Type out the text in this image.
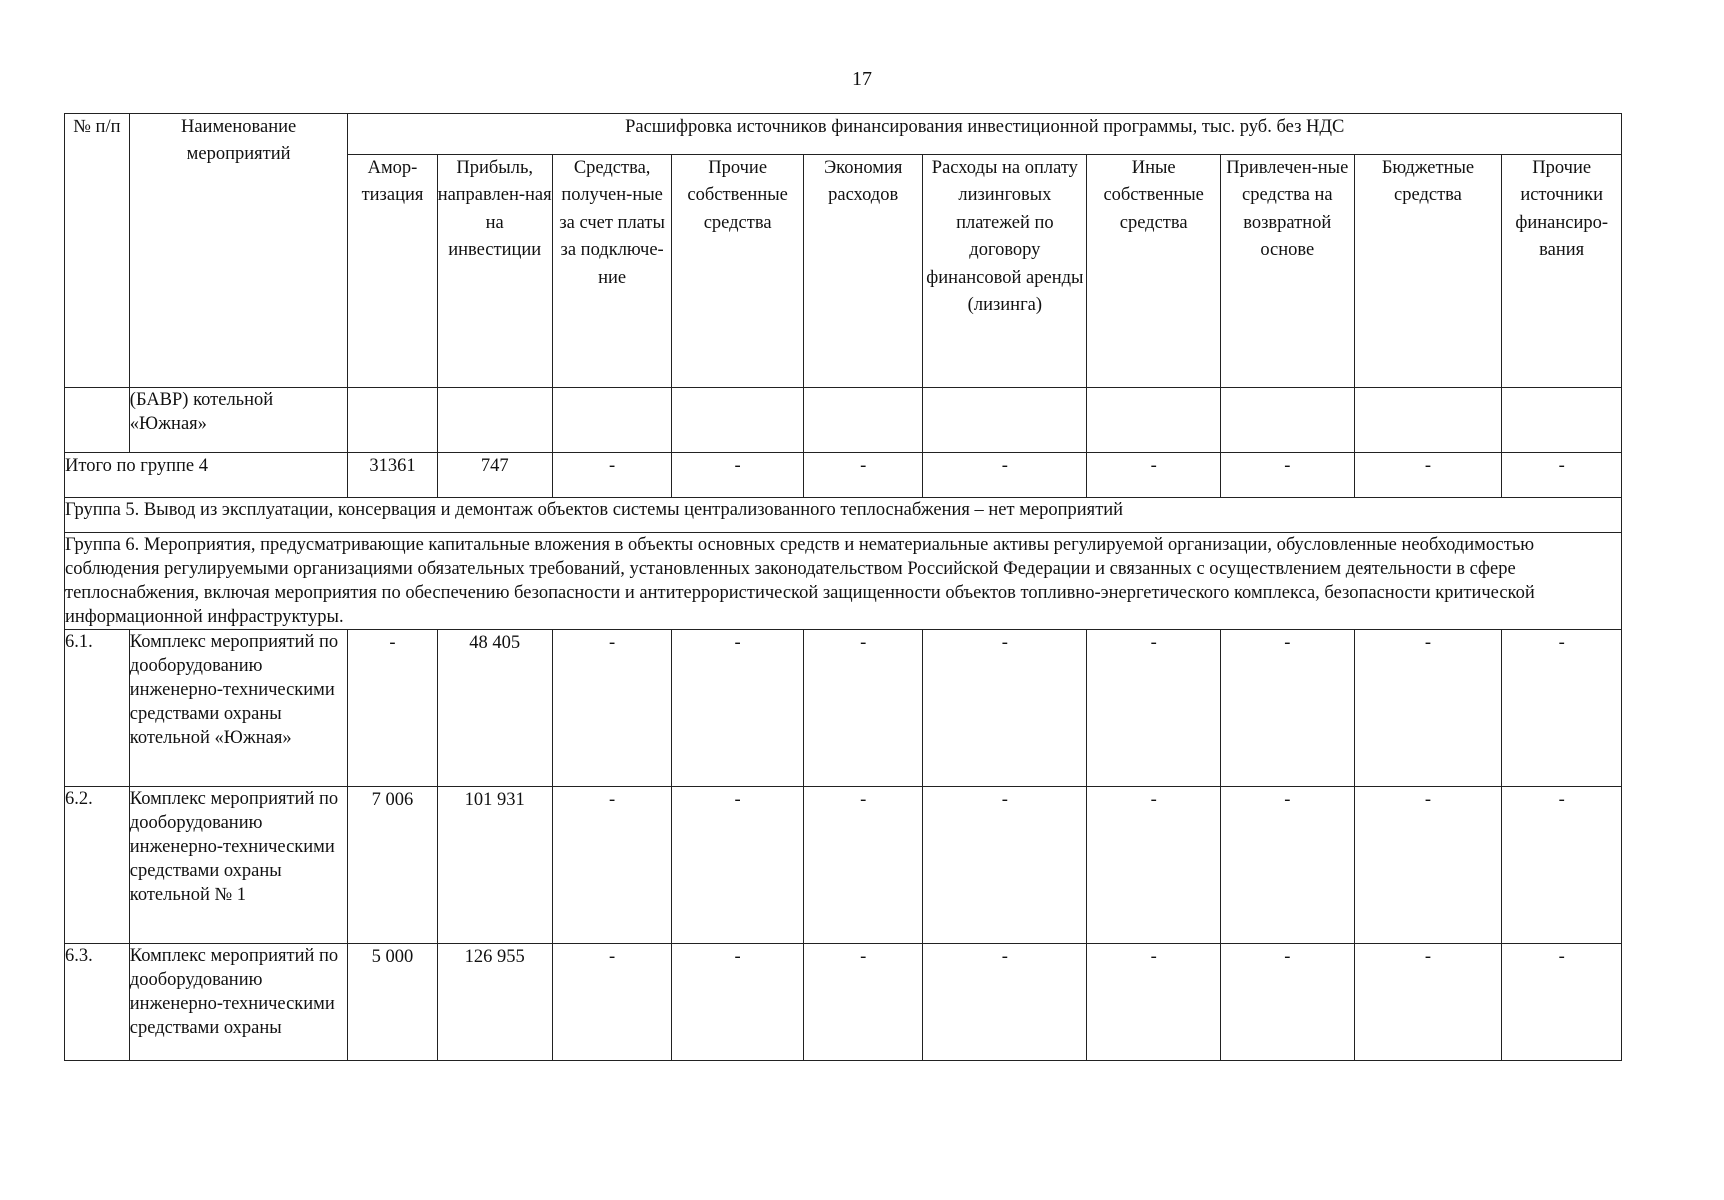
17
№ п/п	Наименование мероприятий	Расшифровка источников финансирования инвестиционной программы, тыс. руб. без НДС									
		Амор-тизация	Прибыль, направлен-ная на инвестиции	Средства, получен-ные за счет платы за подключе-ние	Прочие собственные средства	Экономия расходов	Расходы на оплату лизинговых платежей по договору финансовой аренды (лизинга)	Иные собственные средства	Привлечен-ные средства на возвратной основе	Бюджетные средства	Прочие источники финансиро-вания
	(БАВР) котельной «Южная»										
Итого по группе 4		31361	747	-	-	-	-	-	-	-	-
Группа 5. Вывод из эксплуатации, консервация и демонтаж объектов системы централизованного теплоснабжения – нет мероприятий											
Группа 6. Мероприятия, предусматривающие капитальные вложения в объекты основных средств и нематериальные активы регулируемой организации, обусловленные необходимостью соблюдения регулируемыми организациями обязательных требований, установленных законодательством Российской Федерации и связанных с осуществлением деятельности в сфере теплоснабжения, включая мероприятия по обеспечению безопасности и антитеррористической защищенности объектов топливно-энергетического комплекса, безопасности критической информационной инфраструктуры.											
6.1.	Комплекс мероприятий по дооборудованию инженерно-техническими средствами охраны котельной «Южная»	-	48 405	-	-	-	-	-	-	-	-
6.2.	Комплекс мероприятий по дооборудованию инженерно-техническими средствами охраны котельной № 1	7 006	101 931	-	-	-	-	-	-	-	-
6.3.	Комплекс мероприятий по дооборудованию инженерно-техническими средствами охраны	5 000	126 955	-	-	-	-	-	-	-	-
